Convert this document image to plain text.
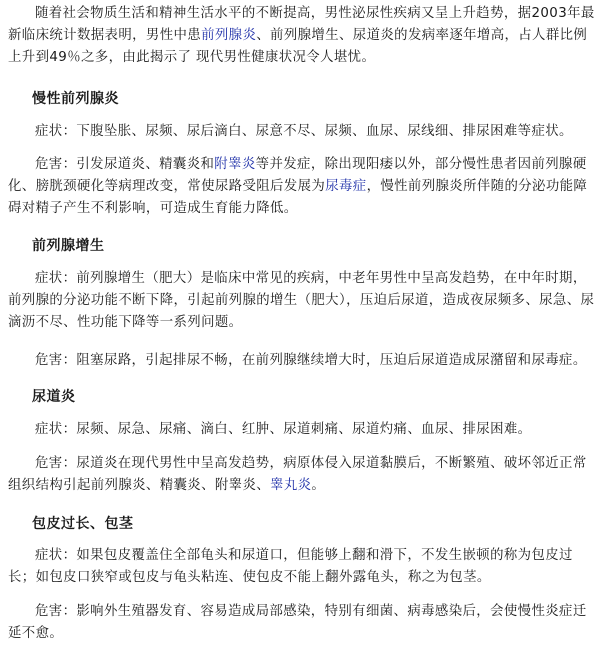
随着社会物质生活和精神生活水平的不断提高，男性泌尿性疾病又呈上升趋势，据2003年最新临床统计数据表明，男性中患前列腺炎、前列腺增生、尿道炎的发病率逐年增高，占人群比例上升到49％之多，由此揭示了 现代男性健康状况令人堪忧。

慢性前列腺炎

症状：下腹坠胀、尿频、尿后滴白、尿意不尽、尿频、血尿、尿线细、排尿困难等症状。

危害：引发尿道炎、精囊炎和附睾炎等并发症，除出现阳痿以外，部分慢性患者因前列腺硬化、膀胱颈硬化等病理改变，常使尿路受阻后发展为尿毒症，慢性前列腺炎所伴随的分泌功能障碍对精子产生不利影响，可造成生育能力降低。

前列腺增生

症状：前列腺增生（肥大）是临床中常见的疾病，中老年男性中呈高发趋势，在中年时期，前列腺的分泌功能不断下降，引起前列腺的增生（肥大），压迫后尿道，造成夜尿频多、尿急、尿滴沥不尽、性功能下降等一系列问题。

危害：阻塞尿路，引起排尿不畅，在前列腺继续增大时，压迫后尿道造成尿潴留和尿毒症。

尿道炎

症状：尿频、尿急、尿痛、滴白、红肿、尿道刺痛、尿道灼痛、血尿、排尿困难。

危害：尿道炎在现代男性中呈高发趋势，病原体侵入尿道黏膜后，不断繁殖、破坏邻近正常组织结构引起前列腺炎、精囊炎、附睾炎、睾丸炎。

包皮过长、包茎

症状：如果包皮覆盖住全部龟头和尿道口，但能够上翻和滑下，不发生嵌顿的称为包皮过长；如包皮口狭窄或包皮与龟头粘连、使包皮不能上翻外露龟头，称之为包茎。

危害：影响外生殖器发育、容易造成局部感染，特别有细菌、病毒感染后，会使慢性炎症迁延不愈。
